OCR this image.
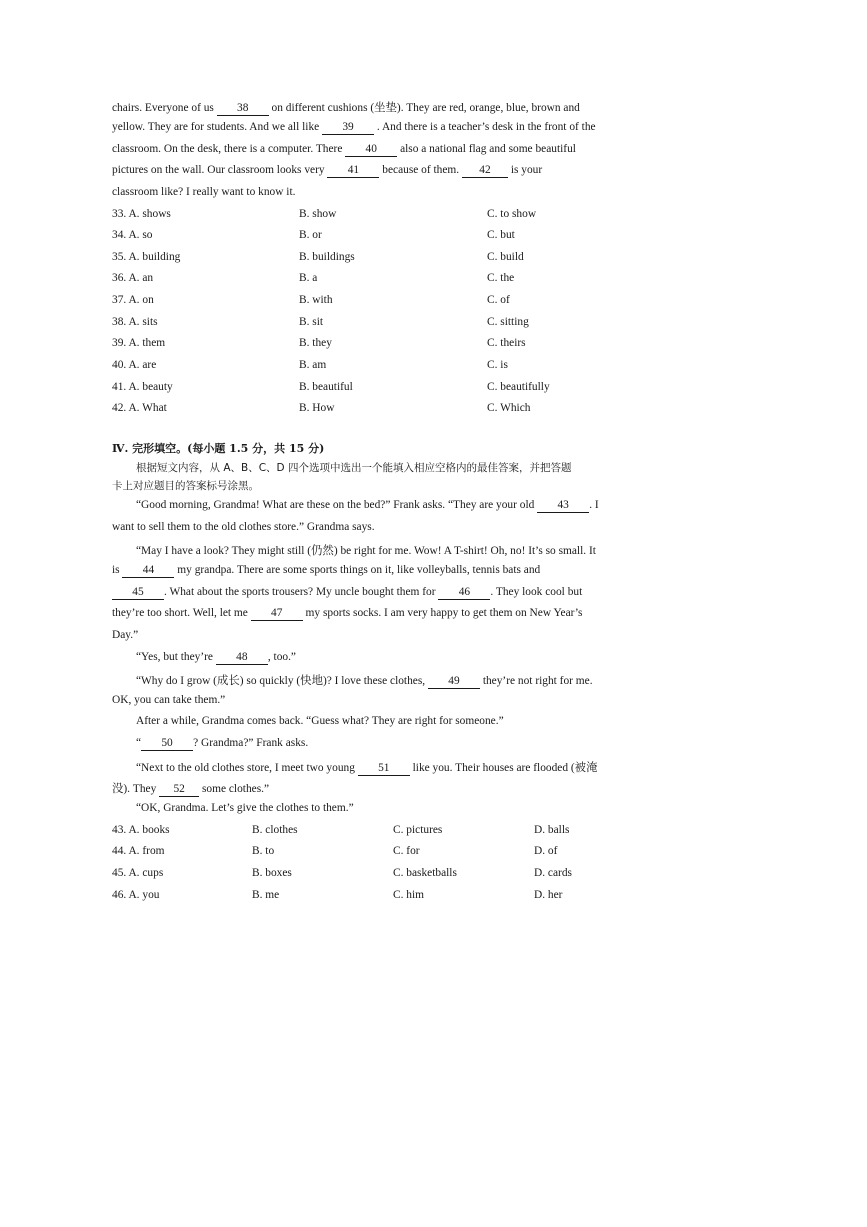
chairs. Everyone of us 38 on different cushions (坐垫). They are red, orange, blue, brown and
yellow. They are for students. And we all like 39 . And there is a teacher’s desk in the front of the
classroom. On the desk, there is a computer. There 40 also a national flag and some beautiful
pictures on the wall. Our classroom looks very 41 because of them. 42 is your
classroom like? I really want to know it.
33. A. shows	B. show	C. to show
34. A. so	B. or	C. but
35. A. building	B. buildings	C. build
36. A. an	B. a	C. the
37. A. on	B. with	C. of
38. A. sits	B. sit	C. sitting
39. A. them	B. they	C. theirs
40. A. are	B. am	C. is
41. A. beauty	B. beautiful	C. beautifully
42. A. What	B. How	C. Which
Ⅳ. 完形填空。(每小题 1.5 分，共 15 分)
根据短文内容，从 A、B、C、D 四个选项中选出一个能填入相应空格内的最佳答案，并把答题
卡上对应题目的答案标号涂黑。
“Good morning, Grandma! What are these on the bed?” Frank asks. “They are your old 43 . I
want to sell them to the old clothes store.” Grandma says.
“May I have a look? They might still (仍然) be right for me. Wow! A T-shirt! Oh, no! It’s so small. It
is 44 my grandpa. There are some sports things on it, like volleyballs, tennis bats and
45 . What about the sports trousers? My uncle bought them for 46 . They look cool but
they’re too short. Well, let me 47 my sports socks. I am very happy to get them on New Year’s
Day.”
“Yes, but they’re 48 , too.”
“Why do I grow (成长) so quickly (快地)? I love these clothes, 49 they’re not right for me.
OK, you can take them.”
After a while, Grandma comes back. “Guess what? They are right for someone.”
“ 50 ? Grandma?” Frank asks.
“Next to the old clothes store, I meet two young 51 like you. Their houses are flooded (被淹
没). They 52 some clothes.”
“OK, Grandma. Let’s give the clothes to them.”
43. A. books	B. clothes	C. pictures	D. balls
44. A. from	B. to	C. for	D. of
45. A. cups	B. boxes	C. basketballs	D. cards
46. A. you	B. me	C. him	D. her
